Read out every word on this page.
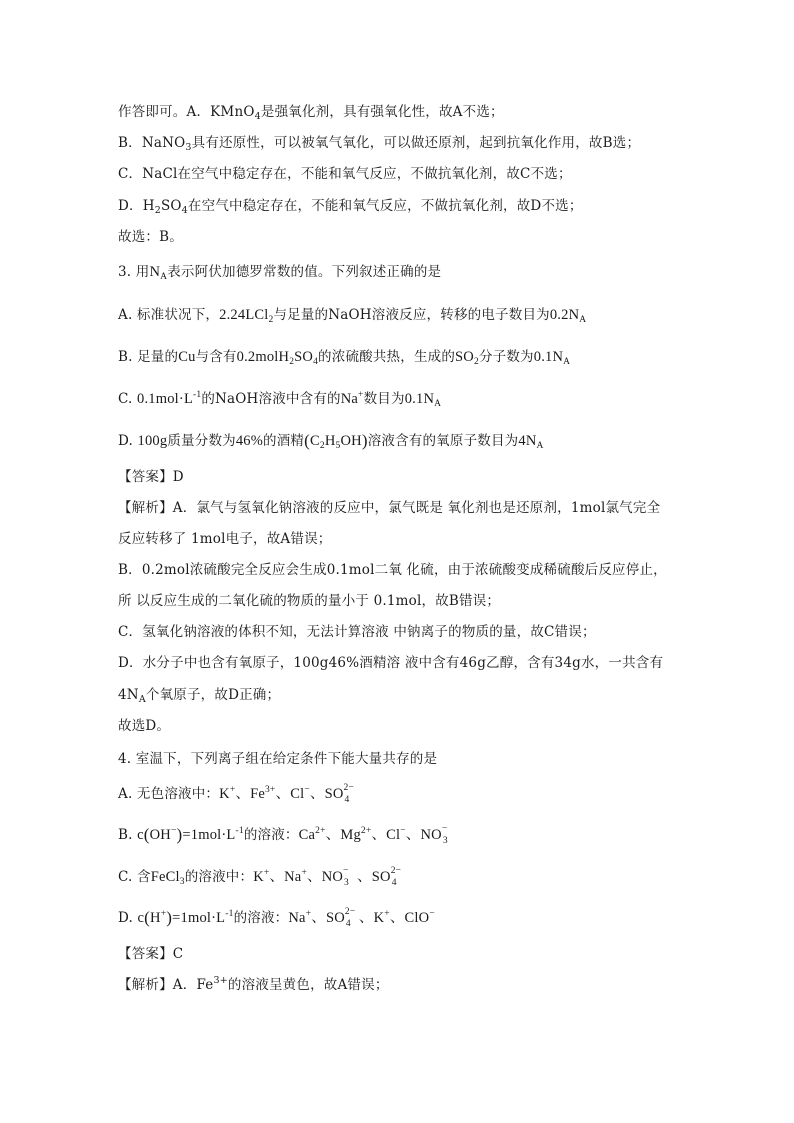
作答即可。A．KMnO$_4$是强氧化剂，具有强氧化性，故A不选；
B．NaNO$_3$具有还原性，可以被氧气氧化，可以做还原剂，起到抗氧化作用，故B选；
C．NaCl在空气中稳定存在，不能和氧气反应，不做抗氧化剂，故C不选；
D．$H_2SO_4$在空气中稳定存在，不能和氧气反应，不做抗氧化剂，故D不选；
故选：B。
3. 用$N_A$表示阿伏加德罗常数的值。下列叙述正确的是
A. 标准状况下，2.24LCl$_2$与足量的NaOH溶液反应，转移的电子数目为$0.2N_A$
B. 足量的Cu与含有$0.2molH_2SO_4$的浓硫酸共热，生成的$SO_2$分子数为$0.1N_A$
C. $0.1mol\cdot L^{-1}$的NaOH溶液中含有的Na+数目为$0.1N_A$
D. 100g质量分数为46%的酒精$(C_2H_5OH)$溶液含有的氧原子数目为$4N_A$
【答案】D
【解析】A．氯气与氢氧化钠溶液的反应中，氯气既是 氧化剂也是还原剂，1mol氯气完全
反应转移了 1mol电子，故A错误；
B．0.2mol浓硫酸完全反应会生成0.1mol二氧 化硫，由于浓硫酸变成稀硫酸后反应停止，
所 以反应生成的二氧化硫的物质的量小于 0.1mol，故B错误；
C．氢氧化钠溶液的体积不知，无法计算溶液 中钠离子的物质的量，故C错误；
D．水分子中也含有氧原子，100g46%酒精溶 液中含有46g乙醇，含有34g水，一共含有
$4N_A$个氧原子，故D正确；
故选D。
4. 室温下，下列离子组在给定条件下能大量共存的是
A. 无色溶液中：K+、$Fe^{3+}$、Cl−、SO 2−
4
B. $c(OH^-)=1mol\cdot L^{-1}$的溶液：$Ca^{2+}$、$Mg^{2+}$、Cl−、NO −
3
C. 含FeCl$_3$的溶液中：K+、Na+、NO −
3 、SO 2−
4
D. $c(H^+)=1mol\cdot L^{-1}$的溶液：Na+、SO 2−
4 、K+、ClO−
【答案】C
【解析】A．$Fe^{3+}$的溶液呈黄色，故A错误；
